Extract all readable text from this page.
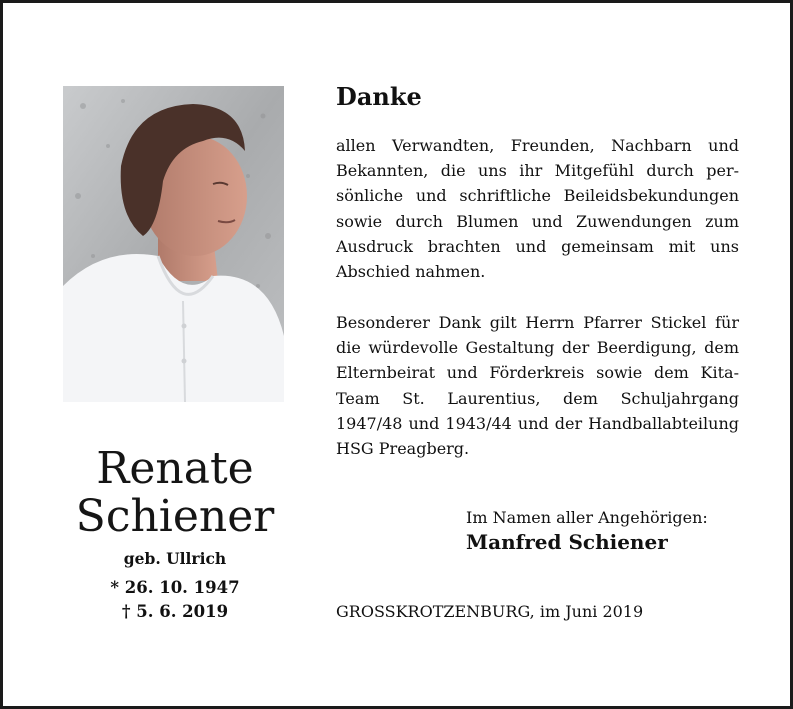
Renate
Schiener
geb. Ullrich
* 26. 10. 1947
† 5. 6. 2019
Danke

allen Verwandten, Freunden, Nachbarn und Bekannten, die uns ihr Mitgefühl durch persönliche und schriftliche Beileidsbekundungen sowie durch Blumen und Zuwendungen zum Ausdruck brachten und gemeinsam mit uns Abschied nahmen.

Besonderer Dank gilt Herrn Pfarrer Stickel für die würdevolle Gestaltung der Beerdigung, dem Elternbeirat und Förderkreis sowie dem Kita-Team St. Laurentius, dem Schuljahrgang 1947/48 und 1943/44 und der Handballabteilung HSG Preagberg.

Im Namen aller Angehörigen:
Manfred Schiener
GROSSKROTZENBURG, im Juni 2019
